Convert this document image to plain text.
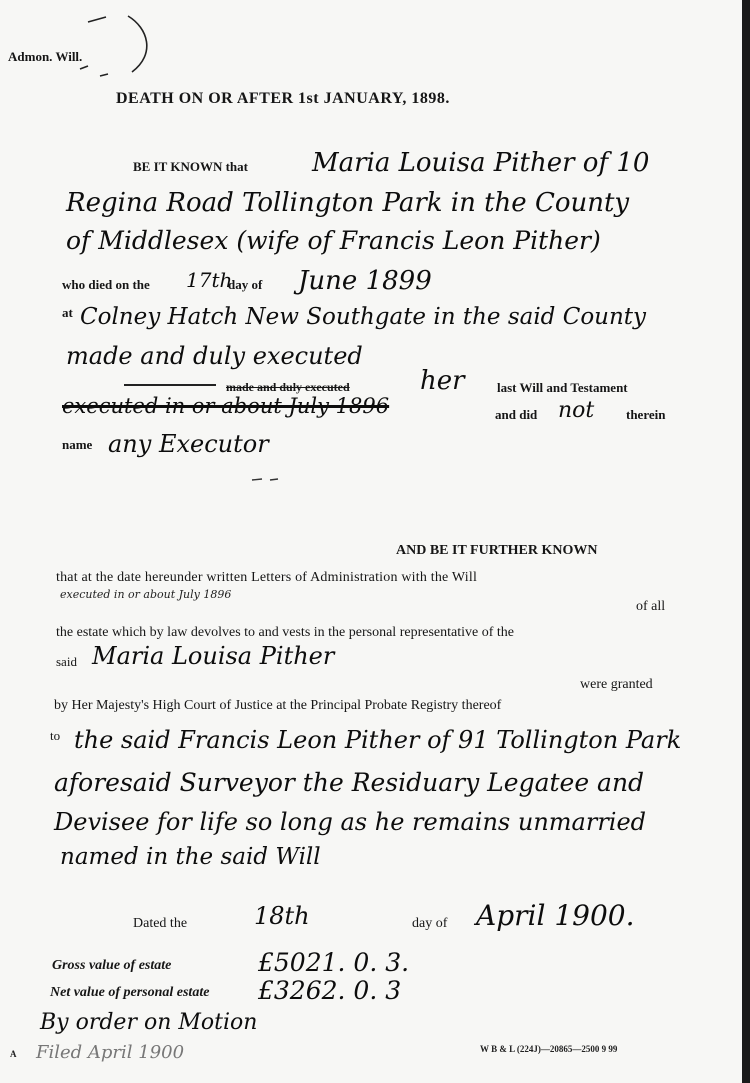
Admon. Will.
DEATH ON OR AFTER 1st JANUARY, 1898.
BE IT KNOWN that Maria Louisa Pither of 10
Regina Road Tollington Park in the County
of Middlesex (wife of Francis Leon Pither)
who died on the 17th
day of June 1899
at Colney Hatch New Southgate in the said County
made and duly executed
made and duly executed	her last Will and Testament
executed in or about July 1896	and did not therein
name any Executor
AND BE IT FURTHER KNOWN
that at the date hereunder written Letters of Administration with the Will
executed in or about July 1896
of all
the estate which by law devolves to and vests in the personal representative of the
said Maria Louisa Pither
were granted
by Her Majesty's High Court of Justice at the Principal Probate Registry thereof
to the said Francis Leon Pither of 91 Tollington Park
aforesaid Surveyor the Residuary Legatee and
Devisee for life so long as he remains unmarried
named in the said Will
Dated the	18th	day of April 1900.
Gross value of estate	£5021. 0. 3.
Net value of personal estate £3262. 0. 3
By order on Motion
Filed April 1900
A	W B & L (224J)—20865—2500 9 99
